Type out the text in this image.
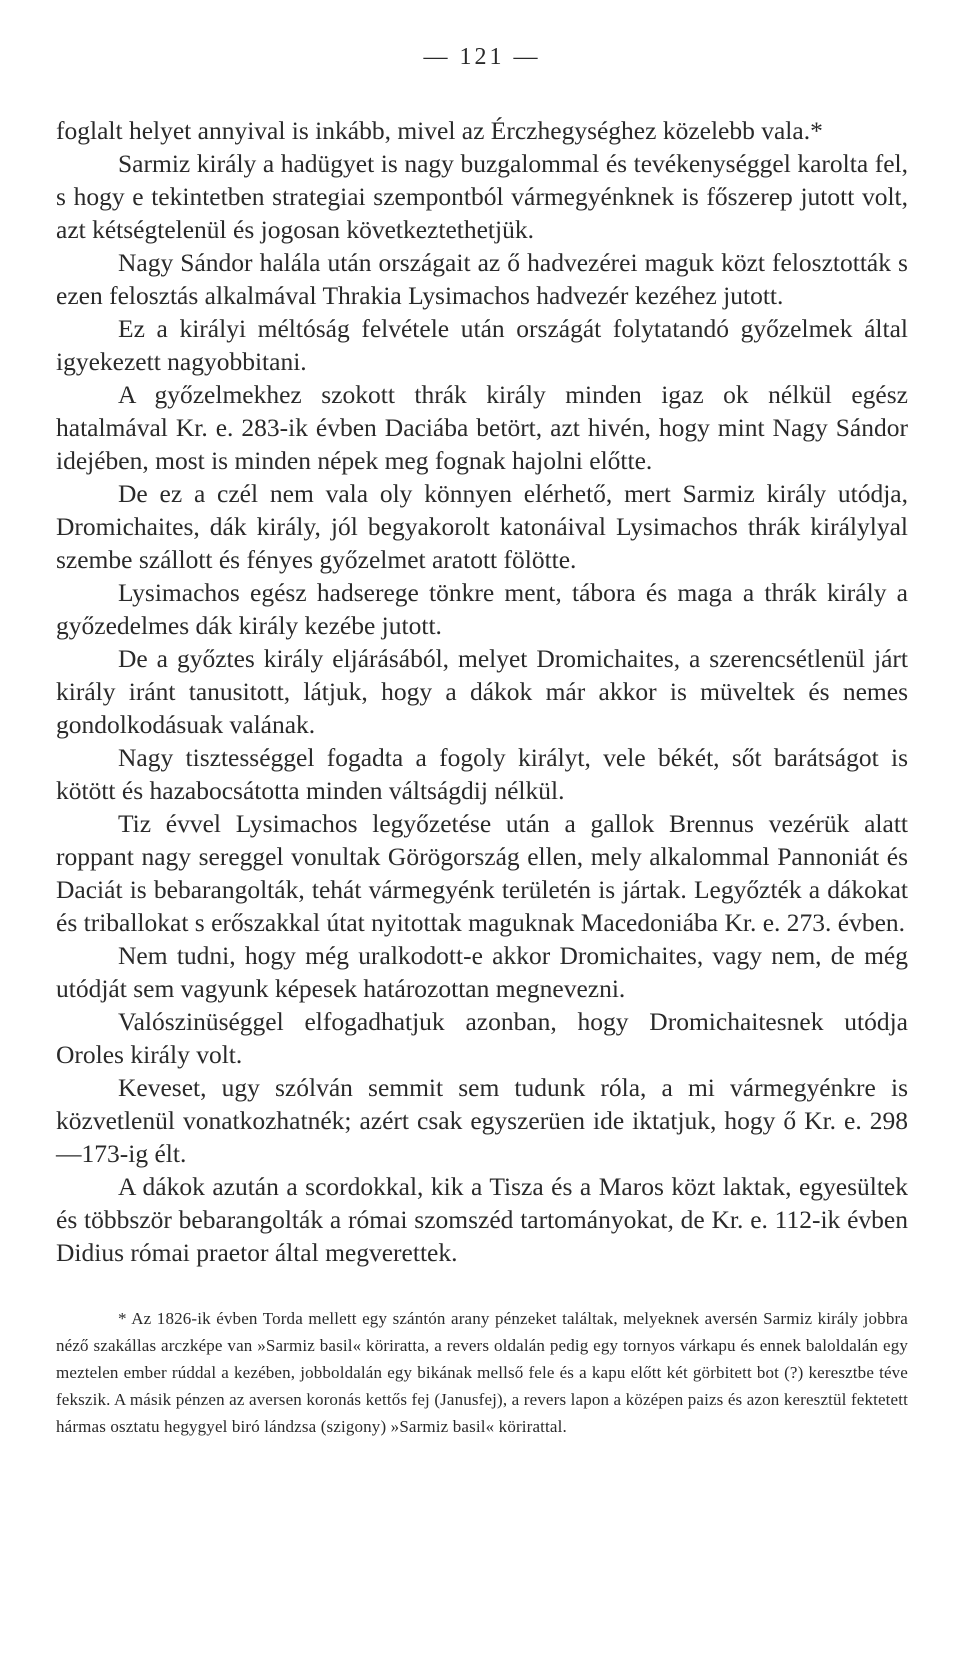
— 121 —

foglalt helyet annyival is inkább, mivel az Érczhegységhez közelebb vala.*

Sarmiz király a hadügyet is nagy buzgalommal és tevékenységgel karolta fel, s hogy e tekintetben strategiai szempontból vármegyénknek is főszerep jutott volt, azt kétségtelenül és jogosan következtethetjük.

Nagy Sándor halála után országait az ő hadvezérei maguk közt felosztották s ezen felosztás alkalmával Thrakia Lysimachos hadvezér kezéhez jutott.

Ez a királyi méltóság felvétele után országát folytatandó győzelmek által igyekezett nagyobbitani.

A győzelmekhez szokott thrák király minden igaz ok nélkül egész hatalmával Kr. e. 283-ik évben Daciába betört, azt hivén, hogy mint Nagy Sándor idejében, most is minden népek meg fognak hajolni előtte.

De ez a czél nem vala oly könnyen elérhető, mert Sarmiz király utódja, Dromichaites, dák király, jól begyakorolt katonáival Lysimachos thrák királylyal szembe szállott és fényes győzelmet aratott fölötte.

Lysimachos egész hadserege tönkre ment, tábora és maga a thrák király a győzedelmes dák király kezébe jutott.

De a győztes király eljárásából, melyet Dromichaites, a szerencsétlenül járt király iránt tanusitott, látjuk, hogy a dákok már akkor is müveltek és nemes gondolkodásuak valának.

Nagy tisztességgel fogadta a fogoly királyt, vele békét, sőt barátságot is kötött és hazabocsátotta minden váltságdij nélkül.

Tiz évvel Lysimachos legyőzetése után a gallok Brennus vezérük alatt roppant nagy sereggel vonultak Görögország ellen, mely alkalommal Pannoniát és Daciát is bebarangolták, tehát vármegyénk területén is jártak. Legyőzték a dákokat és triballokat s erőszakkal útat nyitottak maguknak Macedoniába Kr. e. 273. évben.

Nem tudni, hogy még uralkodott-e akkor Dromichaites, vagy nem, de még utódját sem vagyunk képesek határozottan megnevezni.

Valószinüséggel elfogadhatjuk azonban, hogy Dromichaitesnek utódja Oroles király volt.

Keveset, ugy szólván semmit sem tudunk róla, a mi vármegyénkre is közvetlenül vonatkozhatnék; azért csak egyszerüen ide iktatjuk, hogy ő Kr. e. 298—173-ig élt.

A dákok azután a scordokkal, kik a Tisza és a Maros közt laktak, egyesültek és többször bebarangolták a római szomszéd tartományokat, de Kr. e. 112-ik évben Didius római praetor által megverettek.

* Az 1826-ik évben Torda mellett egy szántón arany pénzeket találtak, melyeknek aversén Sarmiz király jobbra néző szakállas arczképe van »Sarmiz basil« köriratta, a revers oldalán pedig egy tornyos várkapu és ennek baloldalán egy meztelen ember rúddal a kezében, jobboldalán egy bikának mellső fele és a kapu előtt két görbitett bot (?) keresztbe téve fekszik. A másik pénzen az aversen koronás kettős fej (Janusfej), a revers lapon a középen paizs és azon keresztül fektetett hármas osztatu hegygyel biró lándzsa (szigony) »Sarmiz basil« körirattal.
